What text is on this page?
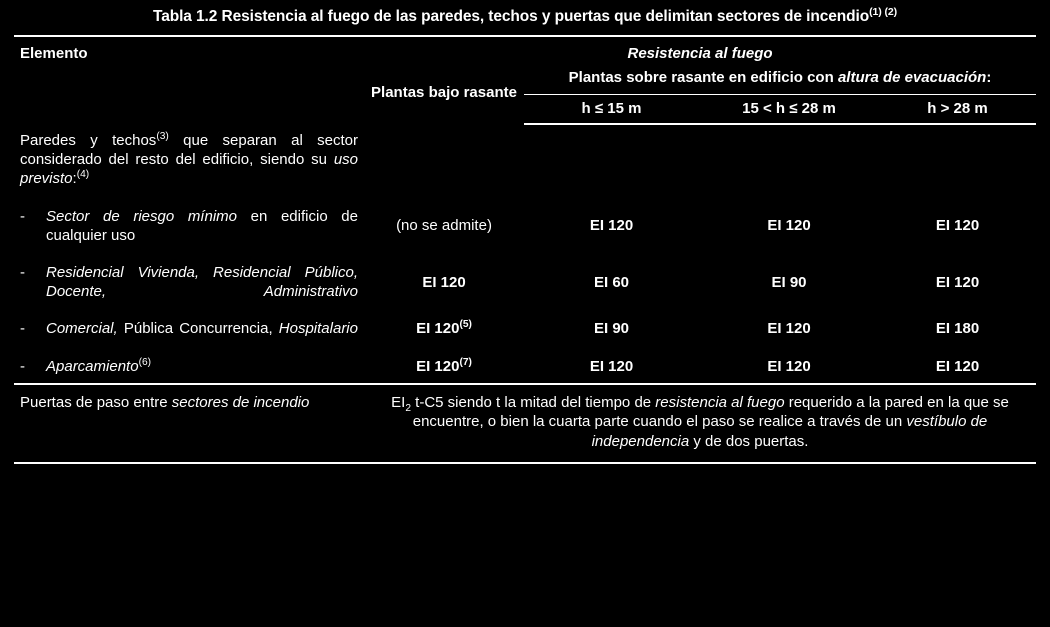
Tabla 1.2 Resistencia al fuego de las paredes, techos y puertas que delimitan sectores de incendio$^{(1) (2)}$
Elemento	Resistencia al fuego			
	Plantas bajo rasante	Plantas sobre rasante en edificio con altura de evacuación:		
		h ≤ 15 m	15 < h ≤ 28 m	h > 28 m
Paredes y techos$^{(3)}$ que separan al sector considerado del resto del edificio, siendo su uso previsto:$^{(4)}$				

- Sector de riesgo mínimo en edificio de cualquier uso	(no se admite)	EI 120	EI 120	EI 120

- Residencial Vivienda, Residencial Público, Docente, Administrativo	EI 120	EI 60	EI 90	EI 120

- Comercial, Pública Concurrencia, Hospitalario	EI 120$^{(5)}$	EI 90	EI 120	EI 180

- Aparcamiento$^{(6)}$	EI 120$^{(7)}$	EI 120	EI 120	EI 120
Puertas de paso entre sectores de incendio	$EI_2$ t-C5 siendo t la mitad del tiempo de resistencia al fuego requerido a la pared en la que se encuentre, o bien la cuarta parte cuando el paso se realice a través de un vestíbulo de independencia y de dos puertas.			
